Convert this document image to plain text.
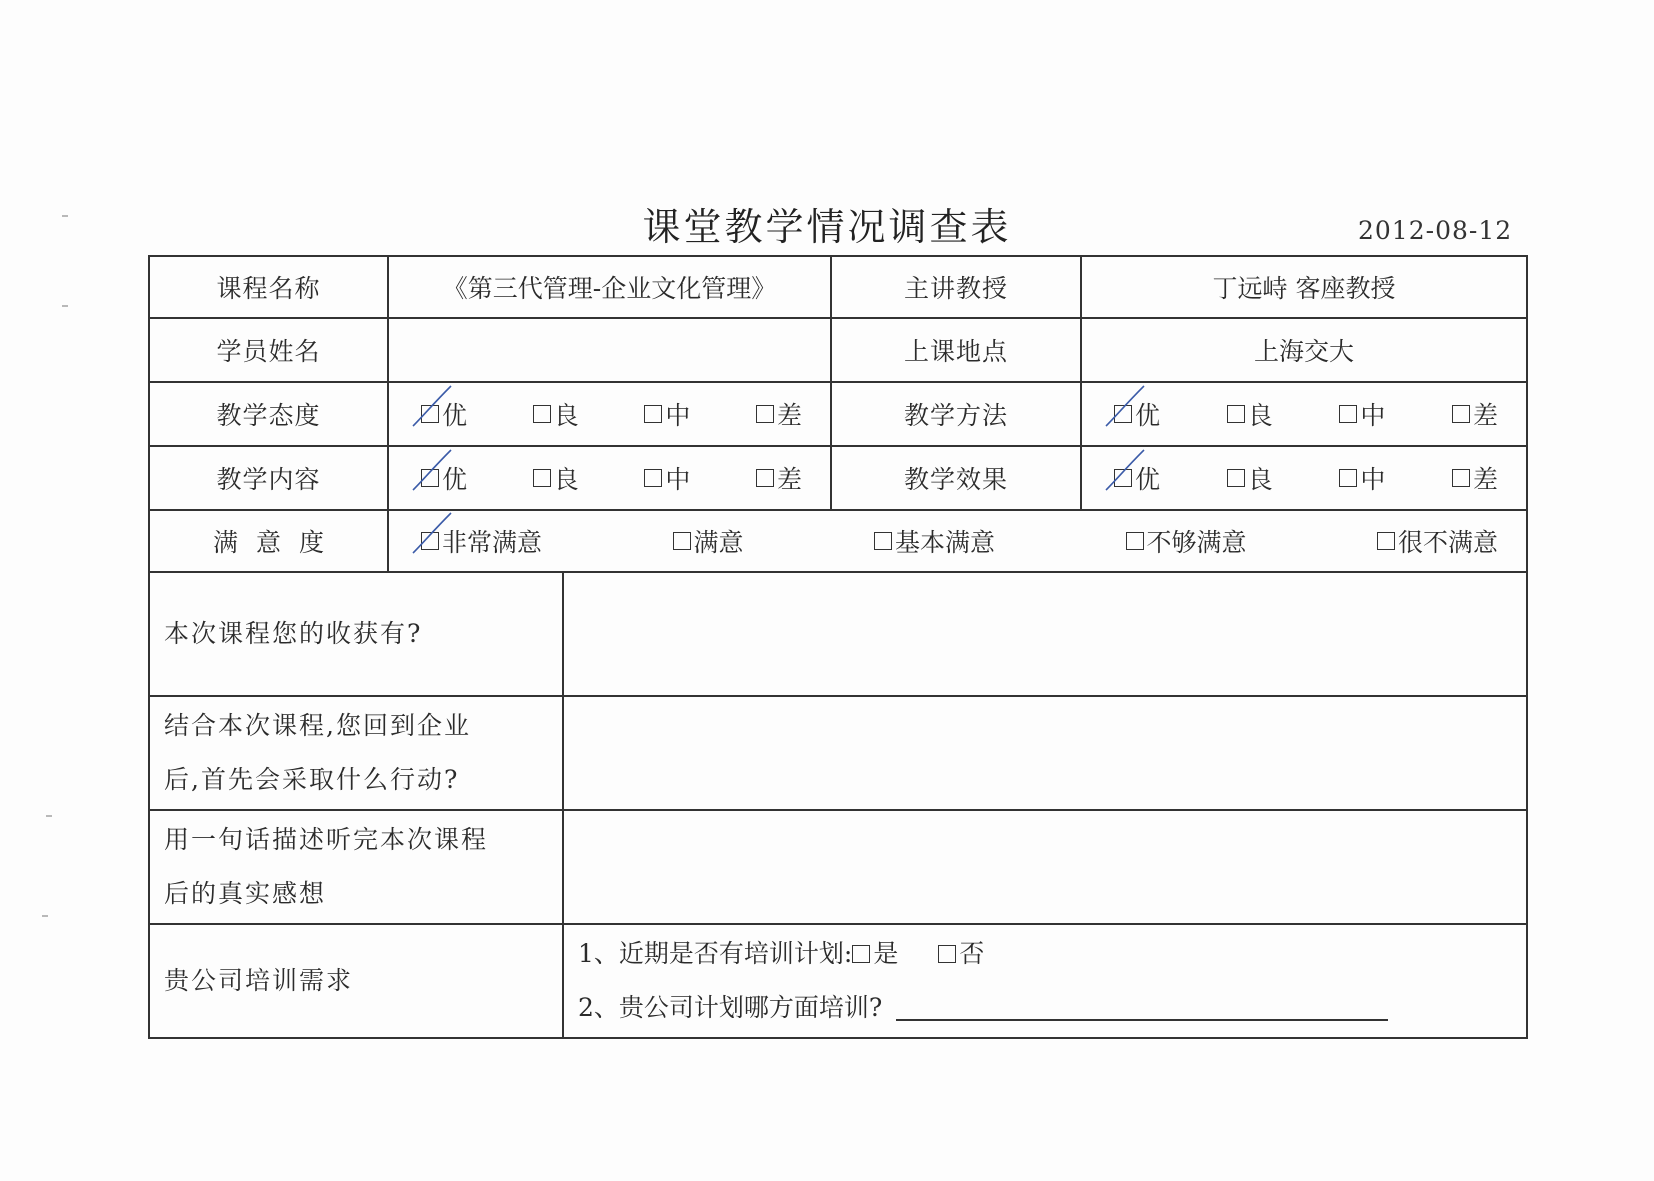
课堂教学情况调查表	2012-08-12
课程名称	《第三代管理-企业文化管理》		主讲教授	丁远峙 客座教授
学员姓名			上课地点	上海交大
教学态度	优 良 中 差		教学方法	优 良 中 差

教学内容	优 良 中 差		教学效果	优 良 中 差

满意度	非常满意 满意 基本满意 不够满意 很不满意			

本次课程您的收获有?				

结合本次课程,您回到企业
后,首先会采取什么行动?				

用一句话描述听完本次课程
后的真实感想				

贵公司培训需求		1、近期是否有培训计划: 是 否
2、贵公司计划哪方面培训?		
